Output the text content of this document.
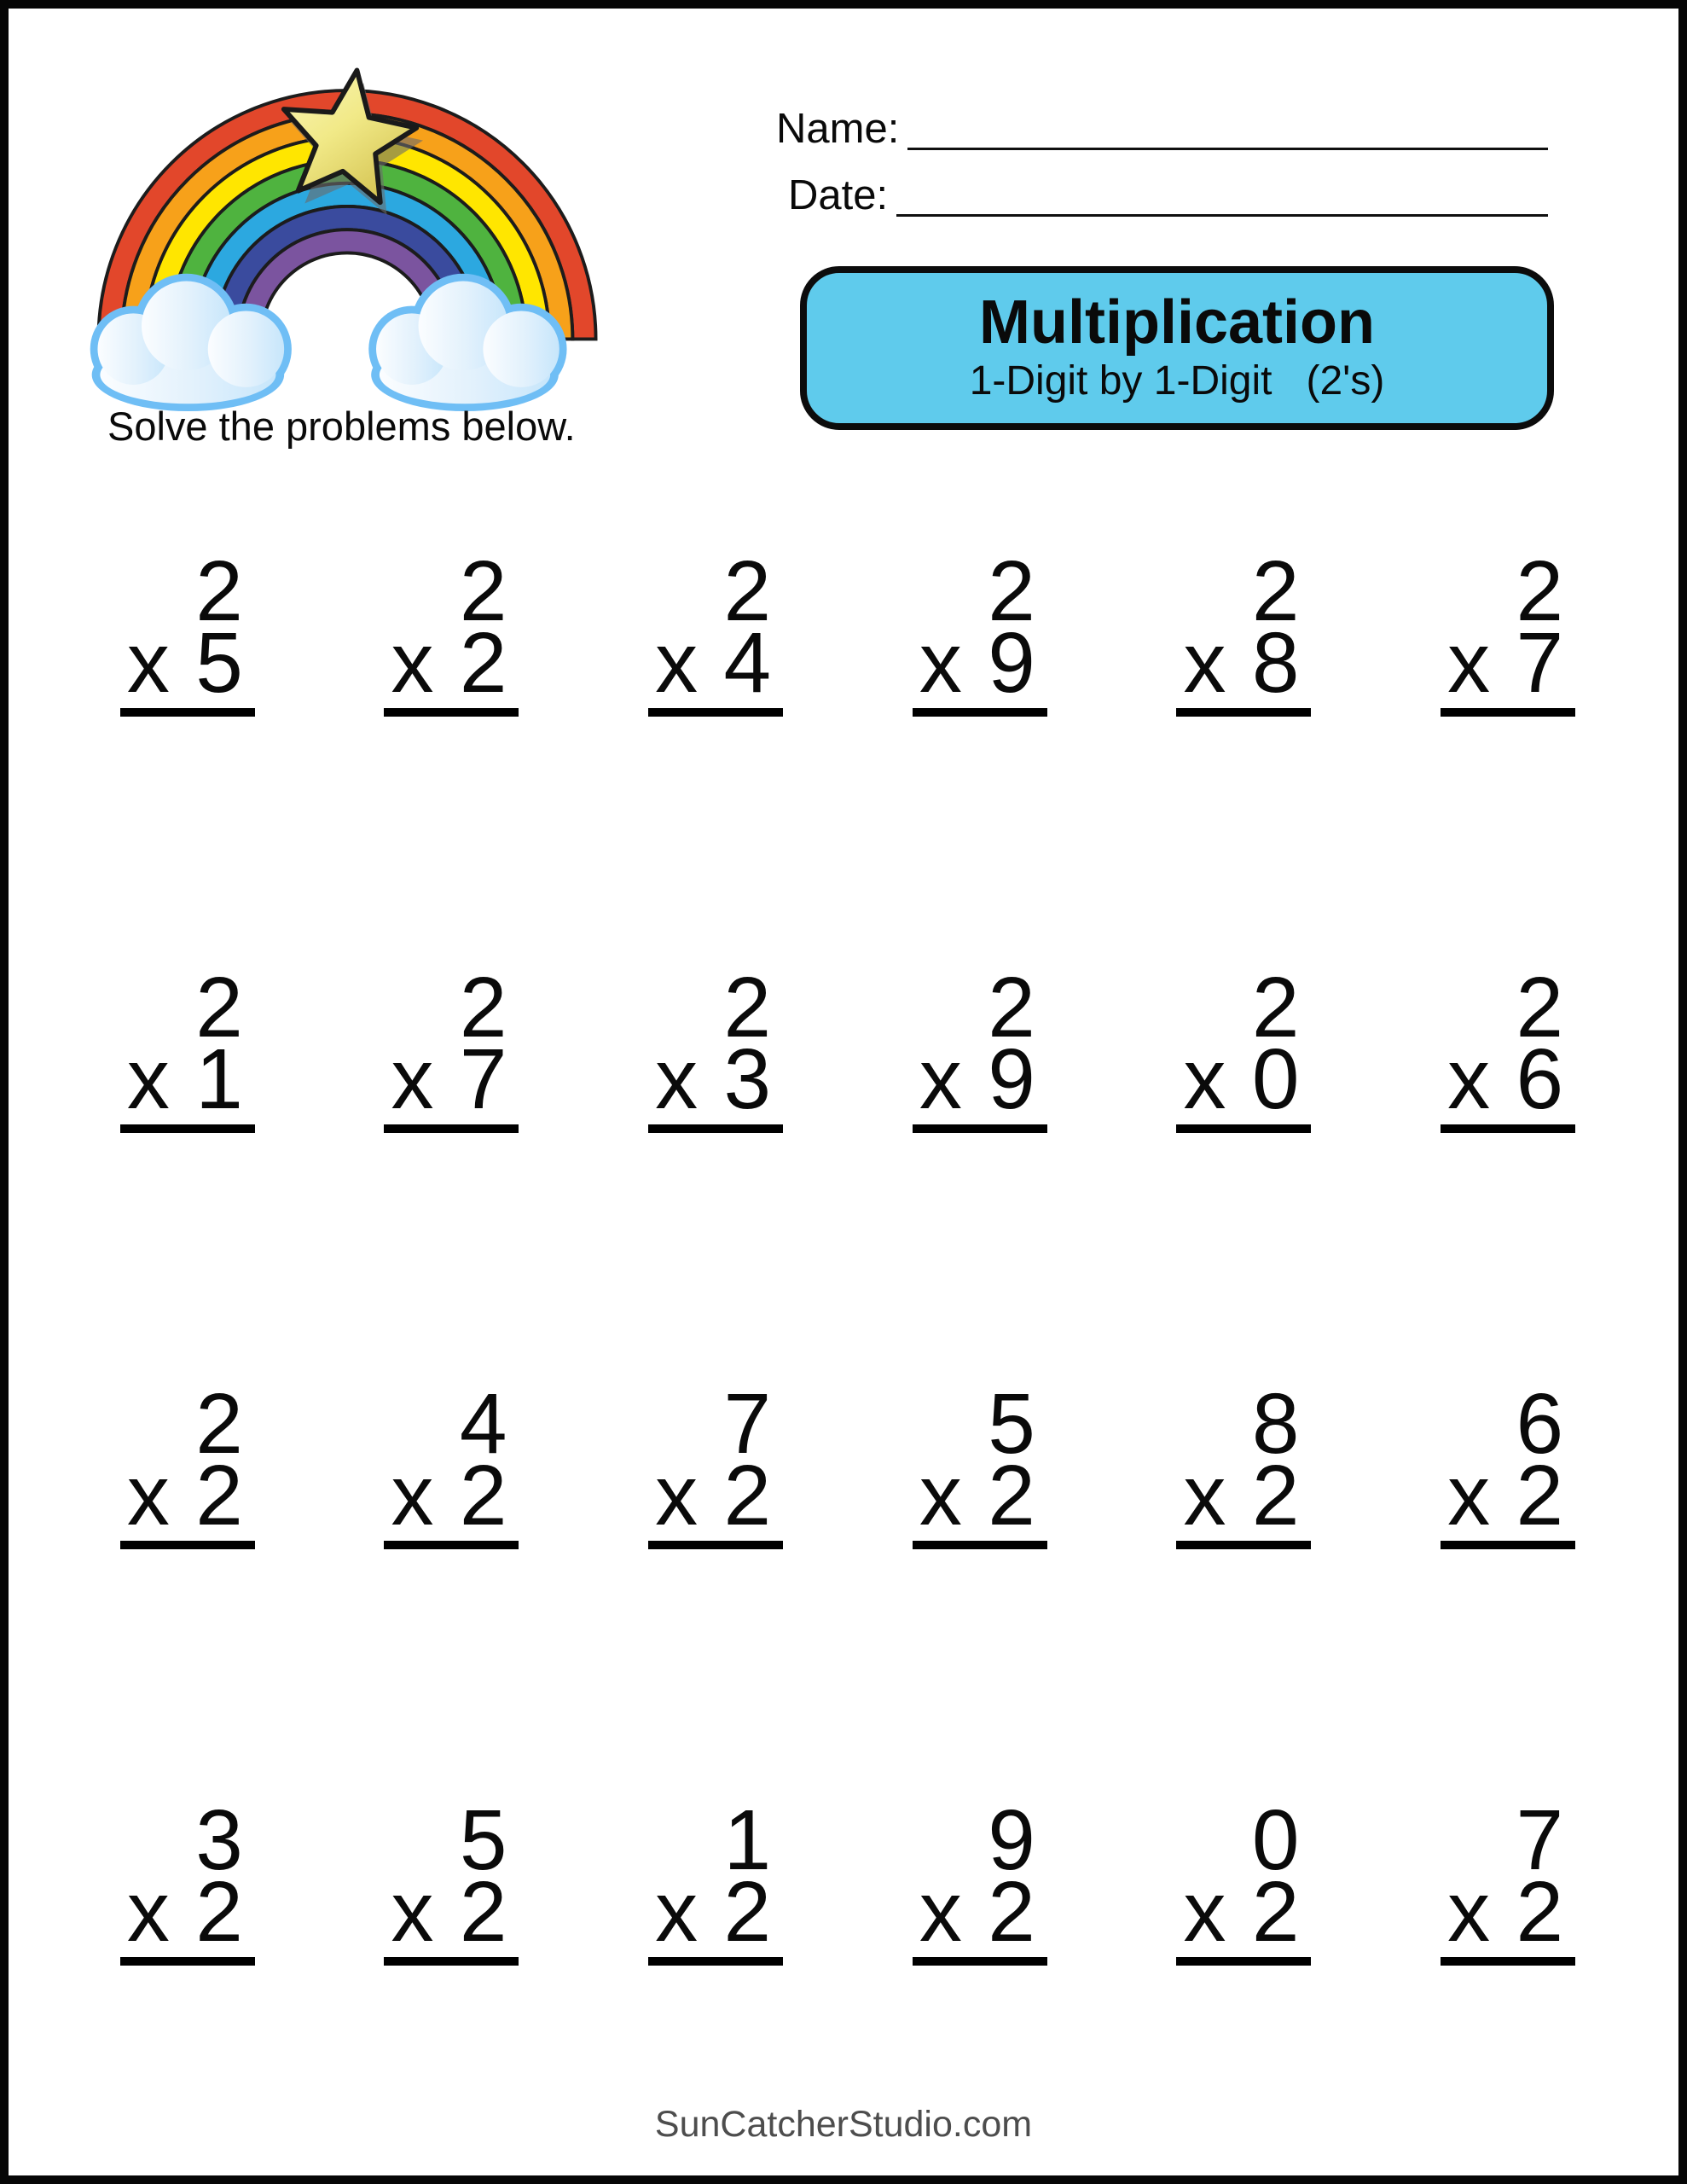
Name:
Date:
Multiplication
1-Digit by 1-Digit   (2's)
Solve the problems below.
2
x 5
2
x 2
2
x 4
2
x 9
2
x 8
2
x 7
2
x 1
2
x 7
2
x 3
2
x 9
2
x 0
2
x 6
2
x 2
4
x 2
7
x 2
5
x 2
8
x 2
6
x 2
3
x 2
5
x 2
1
x 2
9
x 2
0
x 2
7
x 2
SunCatcherStudio.com
